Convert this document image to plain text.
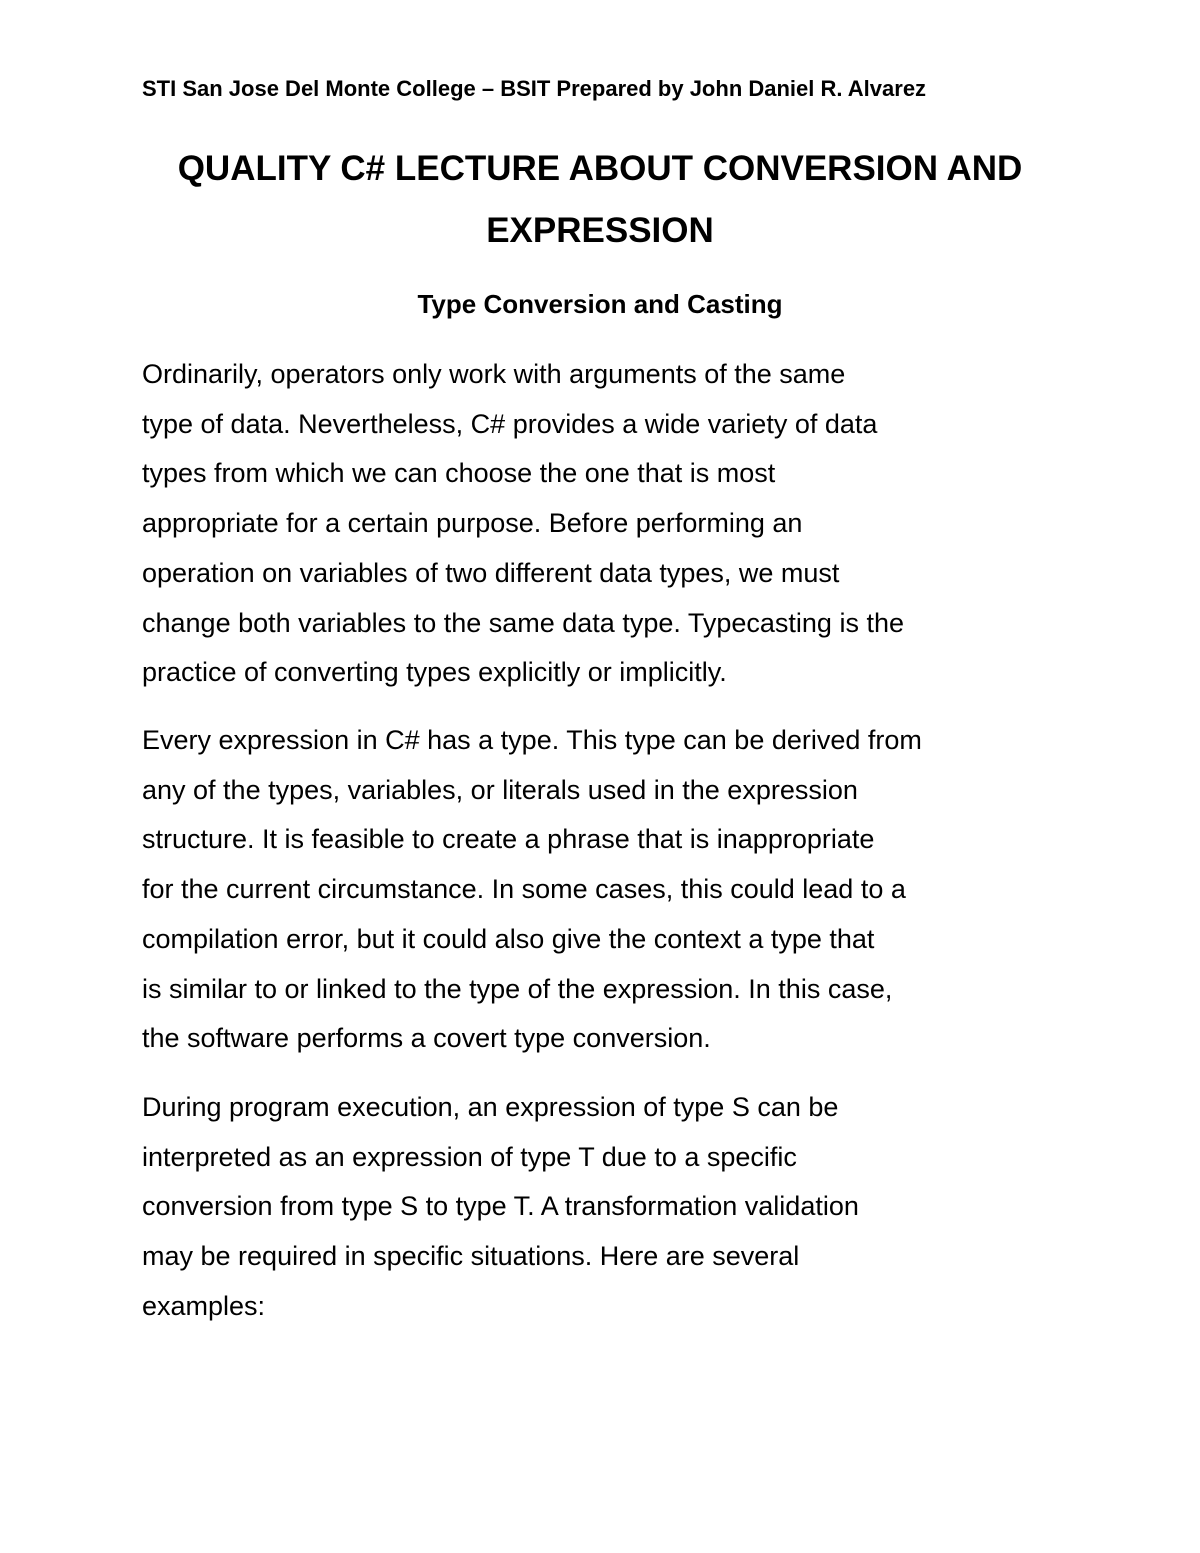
STI San Jose Del Monte College – BSIT Prepared by John Daniel R. Alvarez
QUALITY C# LECTURE ABOUT CONVERSION AND
EXPRESSION
Type Conversion and Casting

Ordinarily, operators only work with arguments of the same
type of data. Nevertheless, C# provides a wide variety of data
types from which we can choose the one that is most
appropriate for a certain purpose. Before performing an
operation on variables of two different data types, we must
change both variables to the same data type. Typecasting is the
practice of converting types explicitly or implicitly.

Every expression in C# has a type. This type can be derived from
any of the types, variables, or literals used in the expression
structure. It is feasible to create a phrase that is inappropriate
for the current circumstance. In some cases, this could lead to a
compilation error, but it could also give the context a type that
is similar to or linked to the type of the expression. In this case,
the software performs a covert type conversion.

During program execution, an expression of type S can be
interpreted as an expression of type T due to a specific
conversion from type S to type T. A transformation validation
may be required in specific situations. Here are several
examples:
